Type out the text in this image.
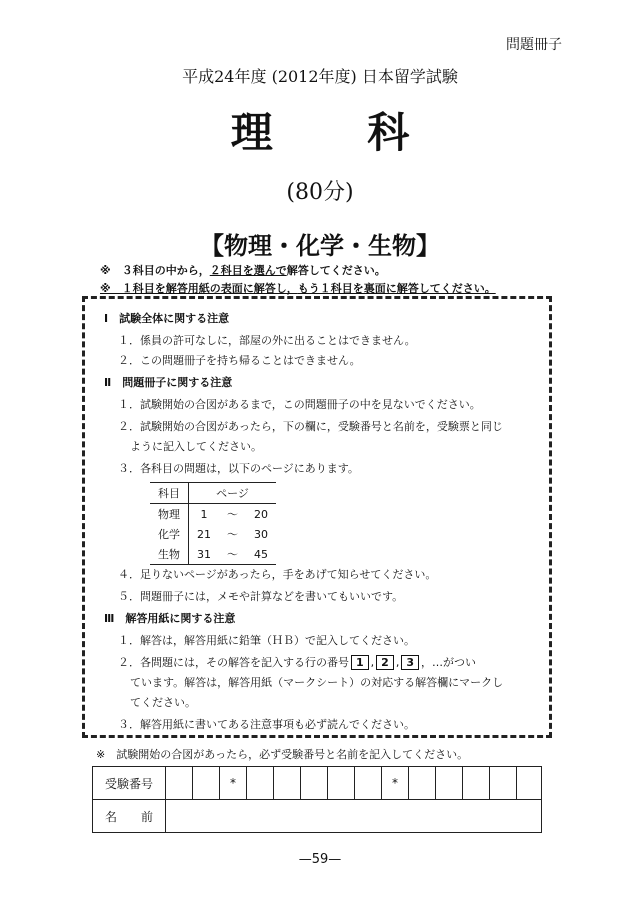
問題冊子
平成24年度 (2012年度) 日本留学試験
理 科
(80分)
【物理・化学・生物】
※　３科目の中から，２科目を選んで解答してください。
※　１科目を解答用紙の表面に解答し，もう１科目を裏面に解答してください。
Ⅰ　試験全体に関する注意
１．係員の許可なしに，部屋の外に出ることはできません。
２．この問題冊子を持ち帰ることはできません。
Ⅱ　問題冊子に関する注意
１．試験開始の合図があるまで，この問題冊子の中を見ないでください。
２．試験開始の合図があったら，下の欄に，受験番号と名前を，受験票と同じ
ように記入してください。
３．各科目の問題は，以下のページにあります。
科目	ページ		
物理	1	～	20
化学	21	～	30
生物	31	～	45
４．足りないページがあったら，手をあげて知らせてください。
５．問題冊子には，メモや計算などを書いてもいいです。
Ⅲ　解答用紙に関する注意
１．解答は，解答用紙に鉛筆（ＨＢ）で記入してください。
２．各問題には，その解答を記入する行の番号 1 , 2 , 3 ，…がつい
ています。解答は，解答用紙（マークシート）の対応する解答欄にマークし
てください。
３．解答用紙に書いてある注意事項も必ず読んでください。
※　試験開始の合図があったら，必ず受験番号と名前を記入してください。
受験番号			*						*					
名　　前														
—59—
